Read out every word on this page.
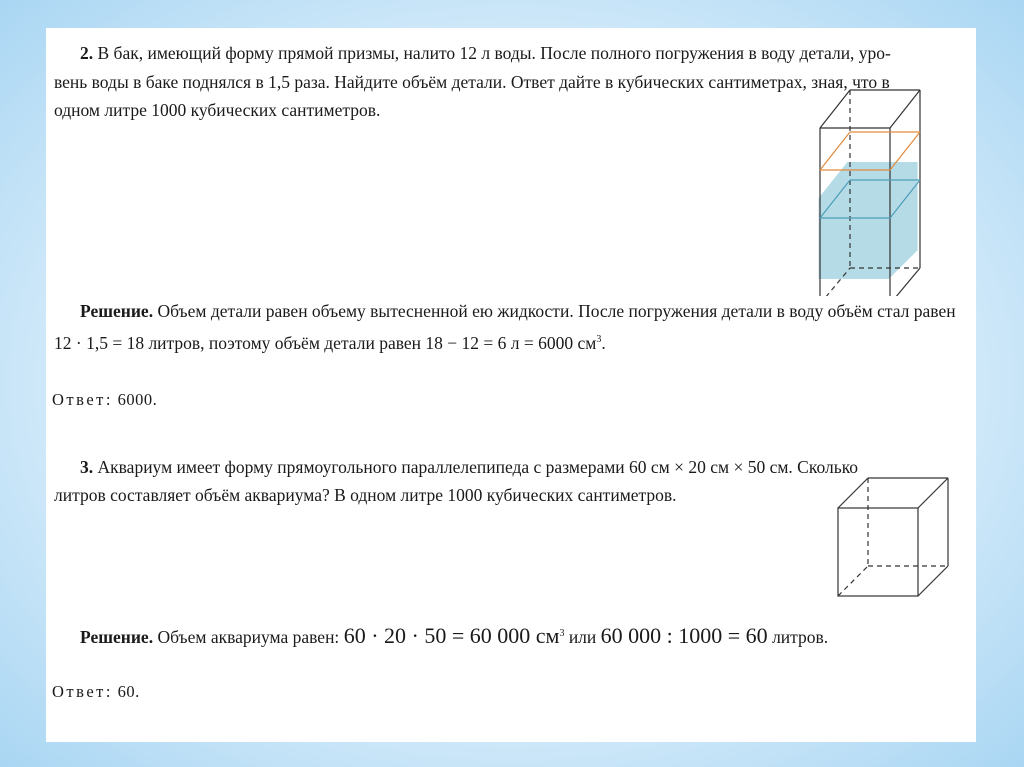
2. В бак, имеющий форму прямой призмы, налито 12 л воды. После полного погружения в воду детали, уро-

вень воды в баке поднялся в 1,5 раза. Найдите объём детали. Ответ дайте в кубических сантиметрах, зная, что в

одном литре 1000 кубических сантиметров.

Решение. Объем детали равен объему вытесненной ею жидкости. После погружения детали в воду объём стал равен

12 · 1,5 = 18 литров, поэтому объём детали равен 18 − 12 = 6 л = 6000 $см^3$.

Ответ: 6000.

3. Аквариум имеет форму прямоугольного параллелепипеда с размерами 60 см × 20 см × 50 см. Сколько

литров составляет объём аквариума? В одном литре 1000 кубических сантиметров.

Решение. Объем аквариума равен: 60 · 20 · 50 = 60 000 $см^3$ или 60 000 : 1000 = 60 литров.

Ответ: 60.
